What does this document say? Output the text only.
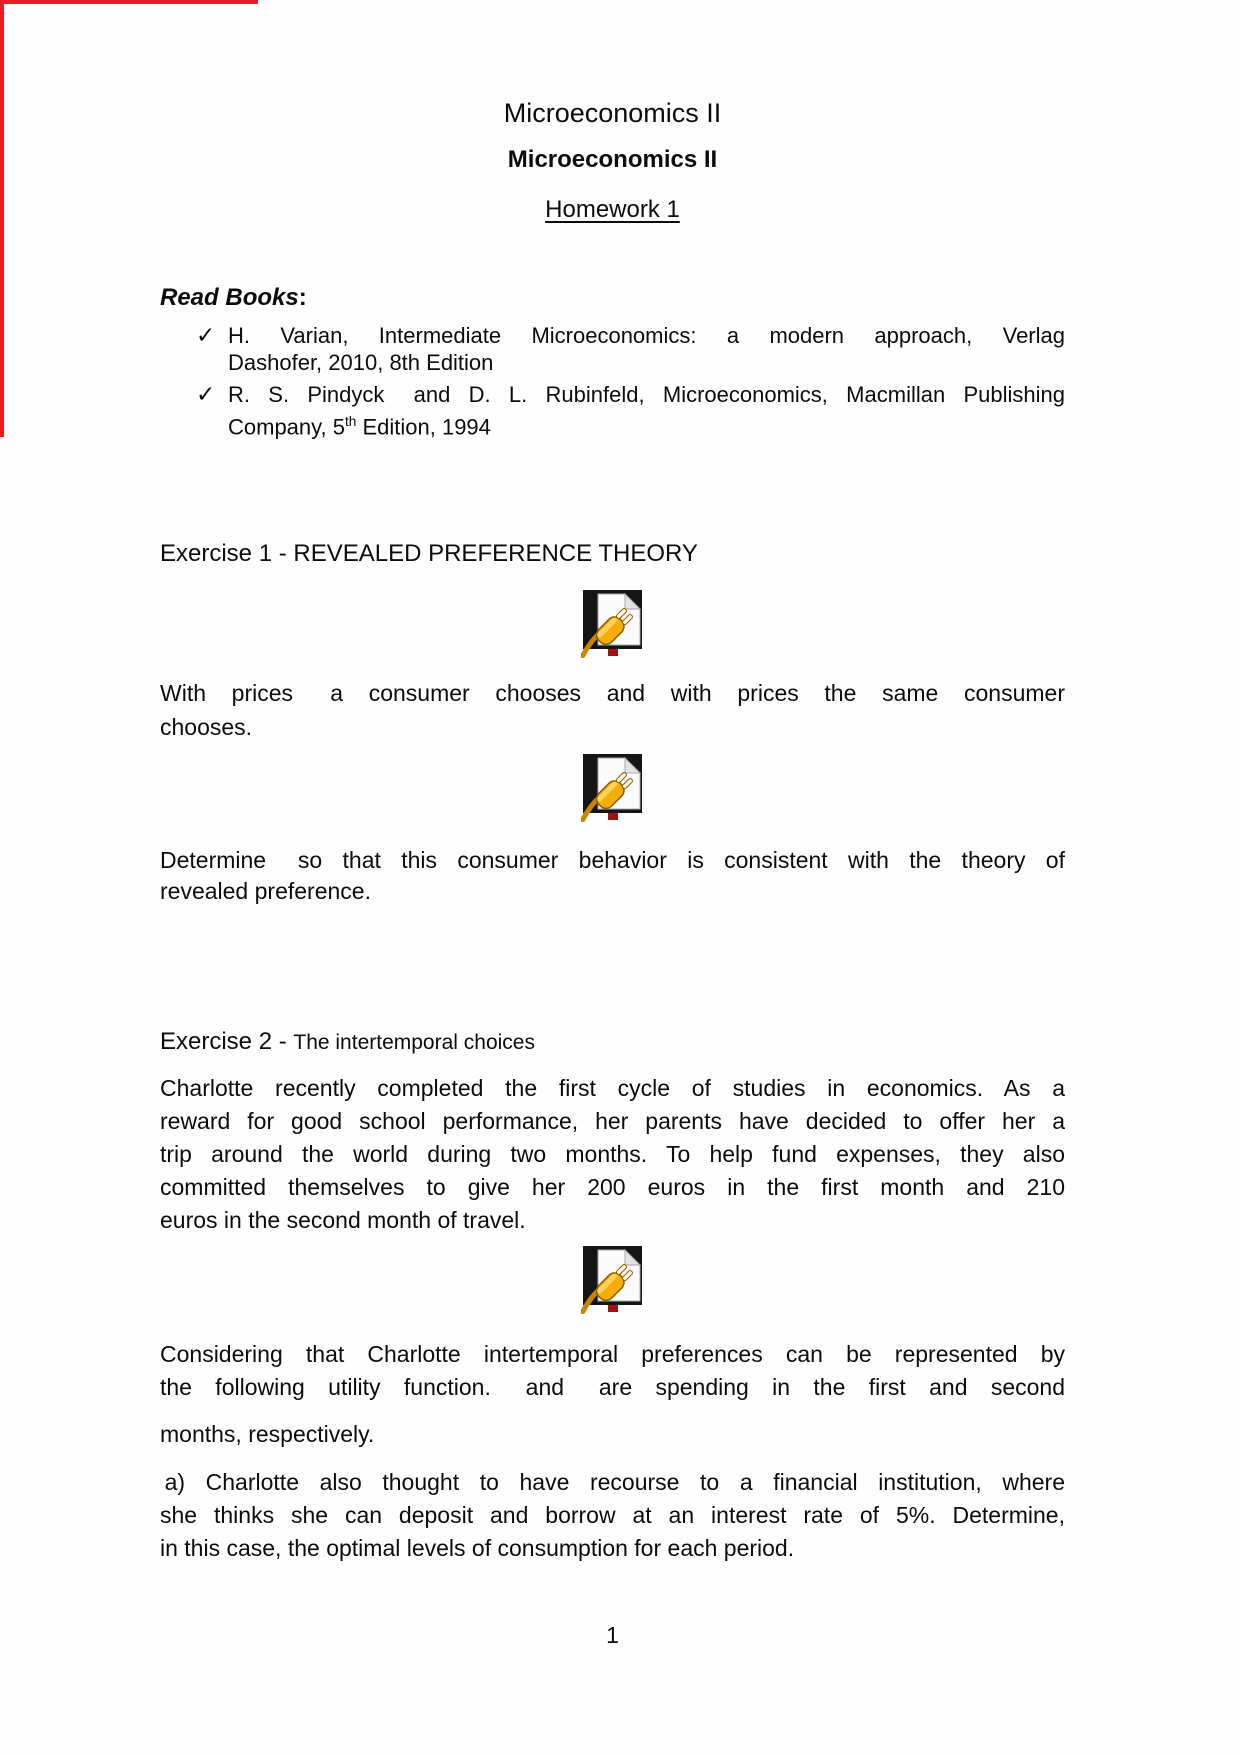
Microeconomics II
Microeconomics II
Homework 1
Read Books:
✓ H. Varian, Intermediate Microeconomics: a modern approach, Verlag
Dashofer, 2010, 8th Edition
✓ R. S. Pindyck  and D. L. Rubinfeld, Microeconomics, Macmillan Publishing
Company, 5th Edition, 1994
Exercise 1 - REVEALED PREFERENCE THEORY
With prices  a consumer chooses and with prices the same consumer
chooses.
Determine  so that this consumer behavior is consistent with the theory of
revealed preference.
Exercise 2 - The intertemporal choices
Charlotte recently completed the first cycle of studies in economics. As a
reward for good school performance, her parents have decided to offer her a
trip around the world during two months. To help fund expenses, they also
committed themselves to give her 200 euros in the first month and 210
euros in the second month of travel.
Considering that Charlotte intertemporal preferences can be represented by
the following utility function.  and  are spending in the first and second
months, respectively.
 a) Charlotte also thought to have recourse to a financial institution, where
she thinks she can deposit and borrow at an interest rate of 5%. Determine,
in this case, the optimal levels of consumption for each period.
1
